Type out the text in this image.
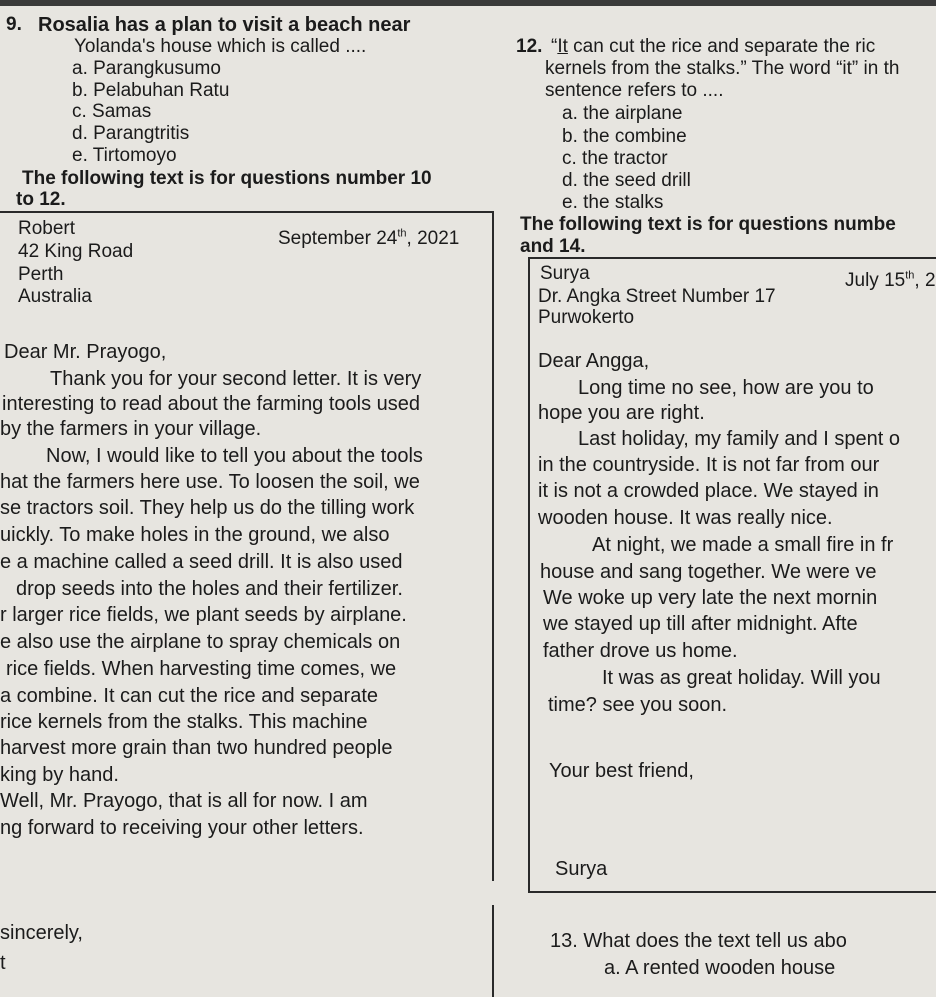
9. Rosalia has a plan to visit a beach near
Yolanda's house which is called ....
a. Parangkusumo
b. Pelabuhan Ratu
c. Samas
d. Parangtritis
e. Tirtomoyo
The following text is for questions number 10
to 12.
Robert	September 24th, 2021
42 King Road
Perth
Australia
Dear Mr. Prayogo,
Thank you for your second letter. It is very
interesting to read about the farming tools used
by the farmers in your village.
Now, I would like to tell you about the tools
hat the farmers here use. To loosen the soil, we
se tractors soil. They help us do the tilling work
uickly. To make holes in the ground, we also
e a machine called a seed drill. It is also used
drop seeds into the holes and their fertilizer.
r larger rice fields, we plant seeds by airplane.
e also use the airplane to spray chemicals on
rice fields. When harvesting time comes, we
a combine. It can cut the rice and separate
rice kernels from the stalks. This machine
harvest more grain than two hundred people
king by hand.
Well, Mr. Prayogo, that is all for now. I am
ng forward to receiving your other letters.
sincerely,
t
12. “It can cut the rice and separate the ric
kernels from the stalks.” The word “it” in th
sentence refers to ....
a. the airplane
b. the combine
c. the tractor
d. the seed drill
e. the stalks
The following text is for questions numbe
and 14.
Surya	July 15th, 2
Dr. Angka Street Number 17
Purwokerto
Dear Angga,
Long time no see, how are you to
hope you are right.
Last holiday, my family and I spent o
in the countryside. It is not far from our
it is not a crowded place. We stayed in
wooden house. It was really nice.
At night, we made a small fire in fr
house and sang together. We were ve
We woke up very late the next mornin
we stayed up till after midnight. Afte
father drove us home.
It was as great holiday. Will you
time? see you soon.
Your best friend,
Surya
13. What does the text tell us abo
a. A rented wooden house
